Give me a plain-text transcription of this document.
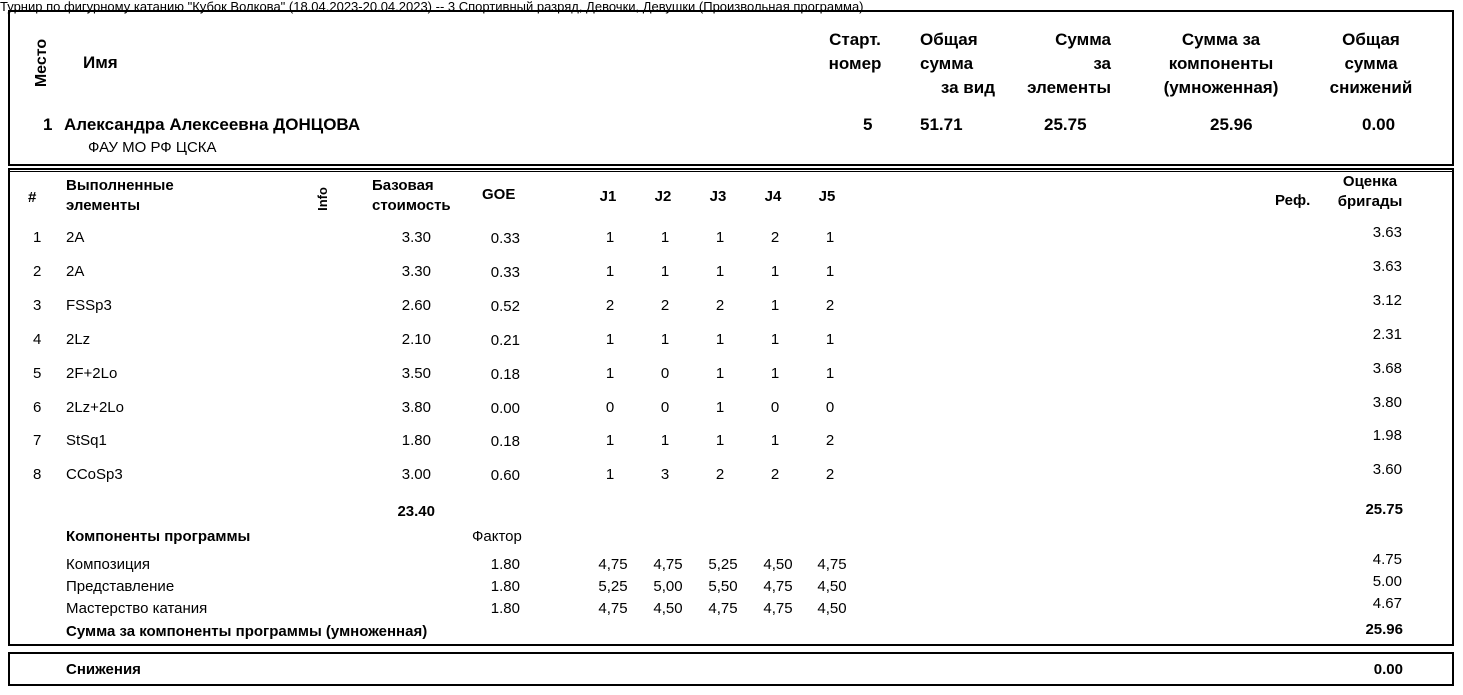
Турнир по фигурному катанию "Кубок Волкова" (18.04.2023-20.04.2023) -- 3 Спортивный разряд, Девочки, Девушки (Произвольная программа)
Место Имя
Старт.
номер
Общая
сумма
за вид
Сумма
за
элементы
Сумма за
компоненты
(умноженная)
Общая
сумма
снижений
1 Александра Алексеевна ДОНЦОВА
ФАУ МО РФ ЦСКА
5	51.71	25.75	25.96	0.00
#
Выполненные
элементы	Info
Базовая
стоимость
GOE	J1	J2	J3	J4	J5	Реф.
Оценка
бригады
1 2A	3.30	0.33	1	1	1	2	1	3.63
2 2A	3.30	0.33	1	1	1	1	1	3.63
3 FSSp3	2.60	0.52	2	2	2	1	2	3.12
4 2Lz	2.10	0.21	1	1	1	1	1	2.31
5 2F+2Lo	3.50	0.18	1	0	1	1	1	3.68
6 2Lz+2Lo	3.80	0.00	0	0	1	0	0	3.80
7 StSq1	1.80	0.18	1	1	1	1	2	1.98
8 CCoSp3	3.00	0.60	1	3	2	2	2	3.60
23.40	25.75
Компоненты программы	Фактор
Композиция	1.80	4,75 4,75 5,25 4,50 4,75	4.75
Представление	1.80	5,25 5,00 5,50 4,75 4,50	5.00
Мастерство катания	1.80	4,75 4,50 4,75 4,75 4,50	4.67
Сумма за компоненты программы (умноженная)	25.96
Снижения	0.00
